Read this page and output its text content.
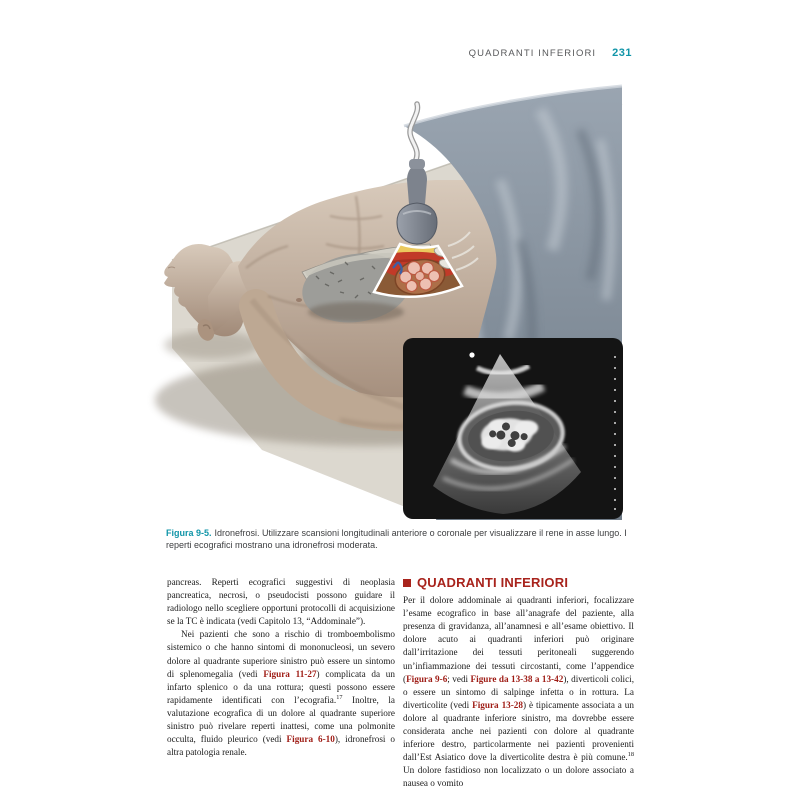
QUADRANTI INFERIORI 231

Figura 9-5. Idronefrosi. Utilizzare scansioni longitudinali anteriore o coronale per visualizzare il rene in asse lungo. I reperti ecografici mostrano una idronefrosi moderata.

pancreas. Reperti ecografici suggestivi di neoplasia pancreatica, necrosi, o pseudocisti possono guidare il radiologo nello scegliere opportuni protocolli di acquisizione se la TC è indicata (vedi Capitolo 13, “Addominale”).

Nei pazienti che sono a rischio di tromboembolismo sistemico o che hanno sintomi di mononucleosi, un severo dolore al quadrante superiore sinistro può essere un sintomo di splenomegalia (vedi Figura 11-27) complicata da un infarto splenico o da una rottura; questi possono essere rapidamente identificati con l’ecografia.$^{17}$ Inoltre, la valutazione ecografica di un dolore al quadrante superiore sinistro può rivelare reperti inattesi, come una polmonite occulta, fluido pleurico (vedi Figura 6-10), idronefrosi o altra patologia renale.

QUADRANTI INFERIORI

Per il dolore addominale ai quadranti inferiori, focalizzare l’esame ecografico in base all’anagrafe del paziente, alla presenza di gravidanza, all’anamnesi e all’esame obiettivo. Il dolore acuto ai quadranti inferiori può originare dall’irritazione dei tessuti peritoneali suggerendo un’infiammazione dei tessuti circostanti, come l’appendice (Figura 9-6; vedi Figure da 13-38 a 13-42), diverticoli colici, o essere un sintomo di salpinge infetta o in rottura. La diverticolite (vedi Figura 13-28) è tipicamente associata a un dolore al quadrante inferiore sinistro, ma dovrebbe essere considerata anche nei pazienti con dolore al quadrante inferiore destro, particolarmente nei pazienti provenienti dall’Est Asiatico dove la diverticolite destra è più comune.$^{18}$ Un dolore fastidioso non localizzato o un dolore associato a nausea o vomito
